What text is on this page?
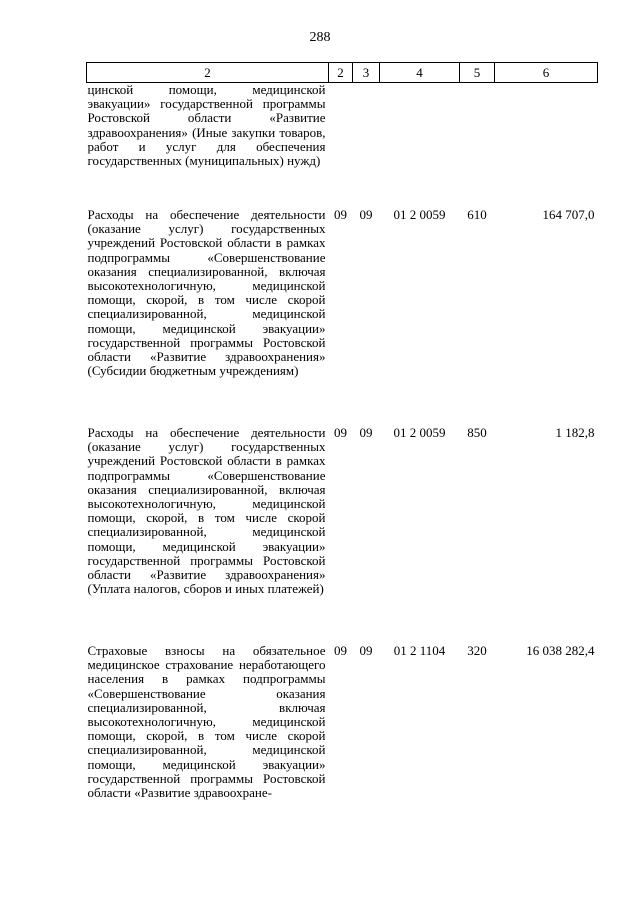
288
2	2	3	4	5	6
цинской помощи, медицинской эвакуации» государственной программы Ростовской области «Развитие здравоохранения» (Иные закупки товаров, работ и услуг для обеспечения государственных (муниципальных) нужд)					
Расходы на обеспечение деятельности (оказание услуг) государственных учреждений Ростовской области в рамках подпрограммы «Совершенствование оказания специализированной, включая высокотехнологичную, медицинской помощи, скорой, в том числе скорой специализированной, медицинской помощи, медицинской эвакуации» государственной программы Ростовской области «Развитие здравоохранения» (Субсидии бюджетным учреждениям)	09	09	01 2 0059	610	164 707,0
Расходы на обеспечение деятельности (оказание услуг) государственных учреждений Ростовской области в рамках подпрограммы «Совершенствование оказания специализированной, включая высокотехнологичную, медицинской помощи, скорой, в том числе скорой специализированной, медицинской помощи, медицинской эвакуации» государственной программы Ростовской области «Развитие здравоохранения» (Уплата налогов, сборов и иных платежей)	09	09	01 2 0059	850	1 182,8
Страховые взносы на обязательное медицинское страхование неработающего населения в рамках подпрограммы «Совершенствование оказания специализированной, включая высокотехнологичную, медицинской помощи, скорой, в том числе скорой специализированной, медицинской помощи, медицинской эвакуации» государственной программы Ростовской области «Развитие здравоохране-	09	09	01 2 1104	320	16 038 282,4
